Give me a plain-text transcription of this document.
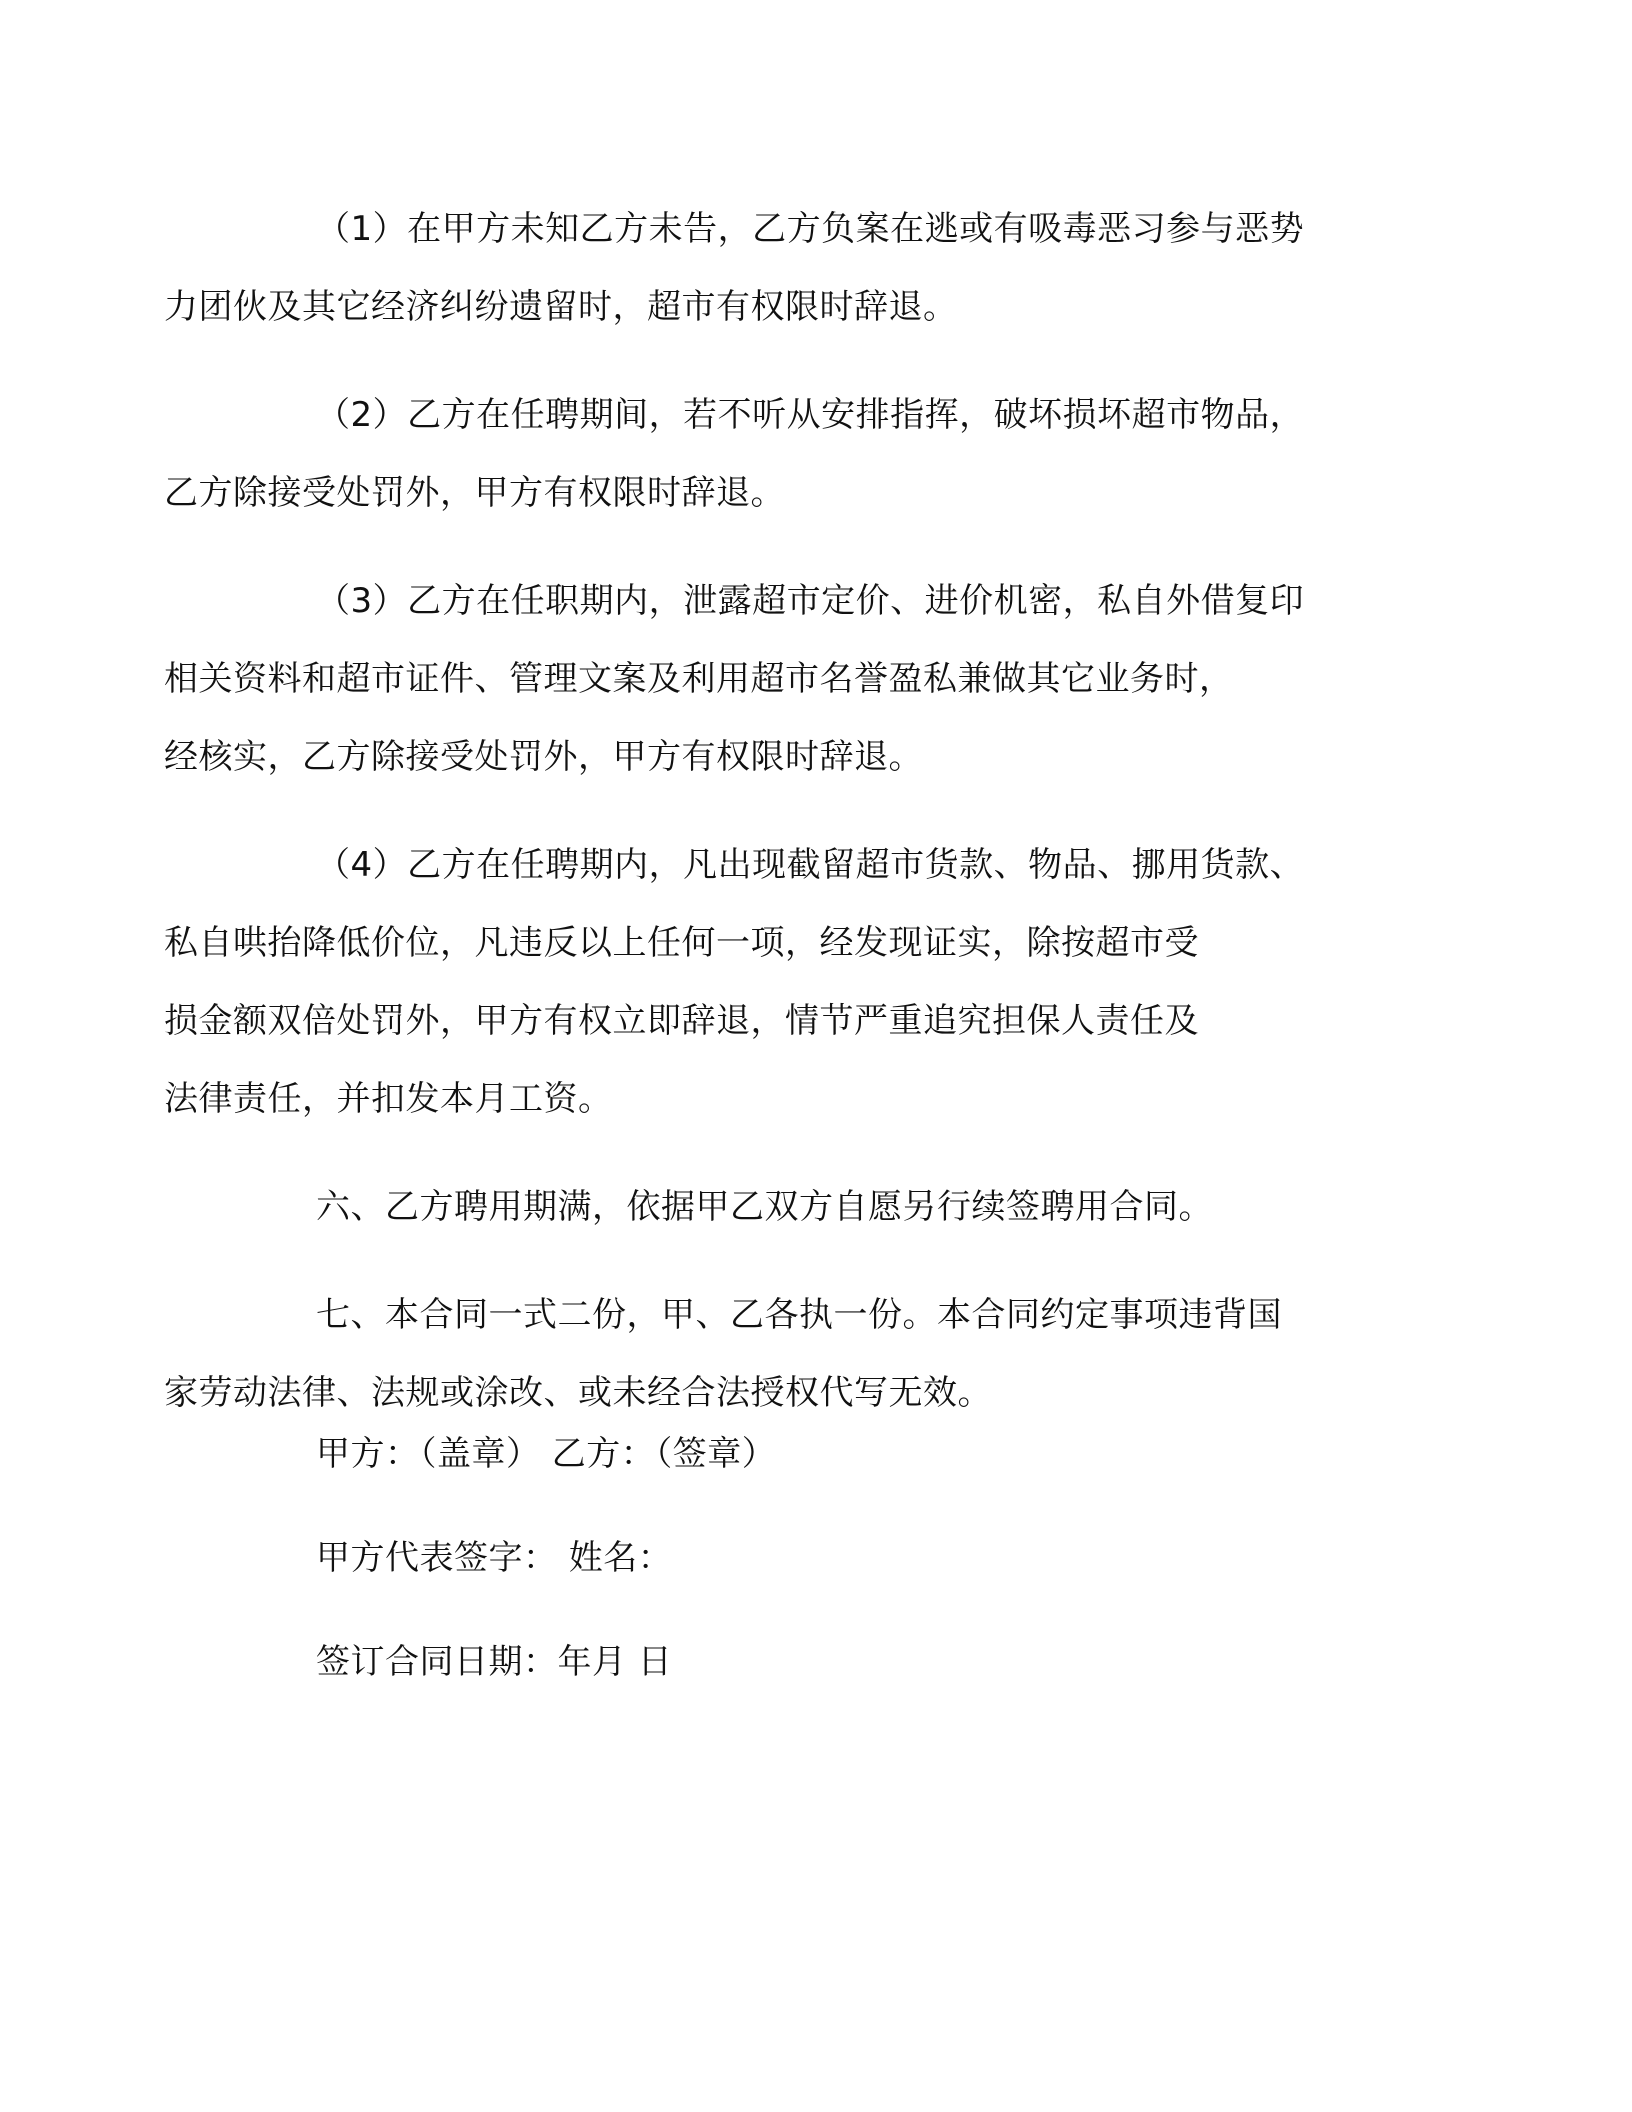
（1）在甲方未知乙方未告，乙方负案在逃或有吸毒恶习参与恶势
力团伙及其它经济纠纷遗留时，超市有权限时辞退。

（2）乙方在任聘期间，若不听从安排指挥，破坏损坏超市物品，
乙方除接受处罚外，甲方有权限时辞退。

（3）乙方在任职期内，泄露超市定价、进价机密，私自外借复印
相关资料和超市证件、管理文案及利用超市名誉盈私兼做其它业务时，
经核实，乙方除接受处罚外，甲方有权限时辞退。

（4）乙方在任聘期内，凡出现截留超市货款、物品、挪用货款、
私自哄抬降低价位，凡违反以上任何一项，经发现证实，除按超市受
损金额双倍处罚外，甲方有权立即辞退，情节严重追究担保人责任及
法律责任，并扣发本月工资。

六、乙方聘用期满，依据甲乙双方自愿另行续签聘用合同。

七、本合同一式二份，甲、乙各执一份。本合同约定事项违背国
家劳动法律、法规或涂改、或未经合法授权代写无效。

甲方：（盖章） 乙方：（签章）
甲方代表签字： 姓名：
签订合同日期：年月 日
